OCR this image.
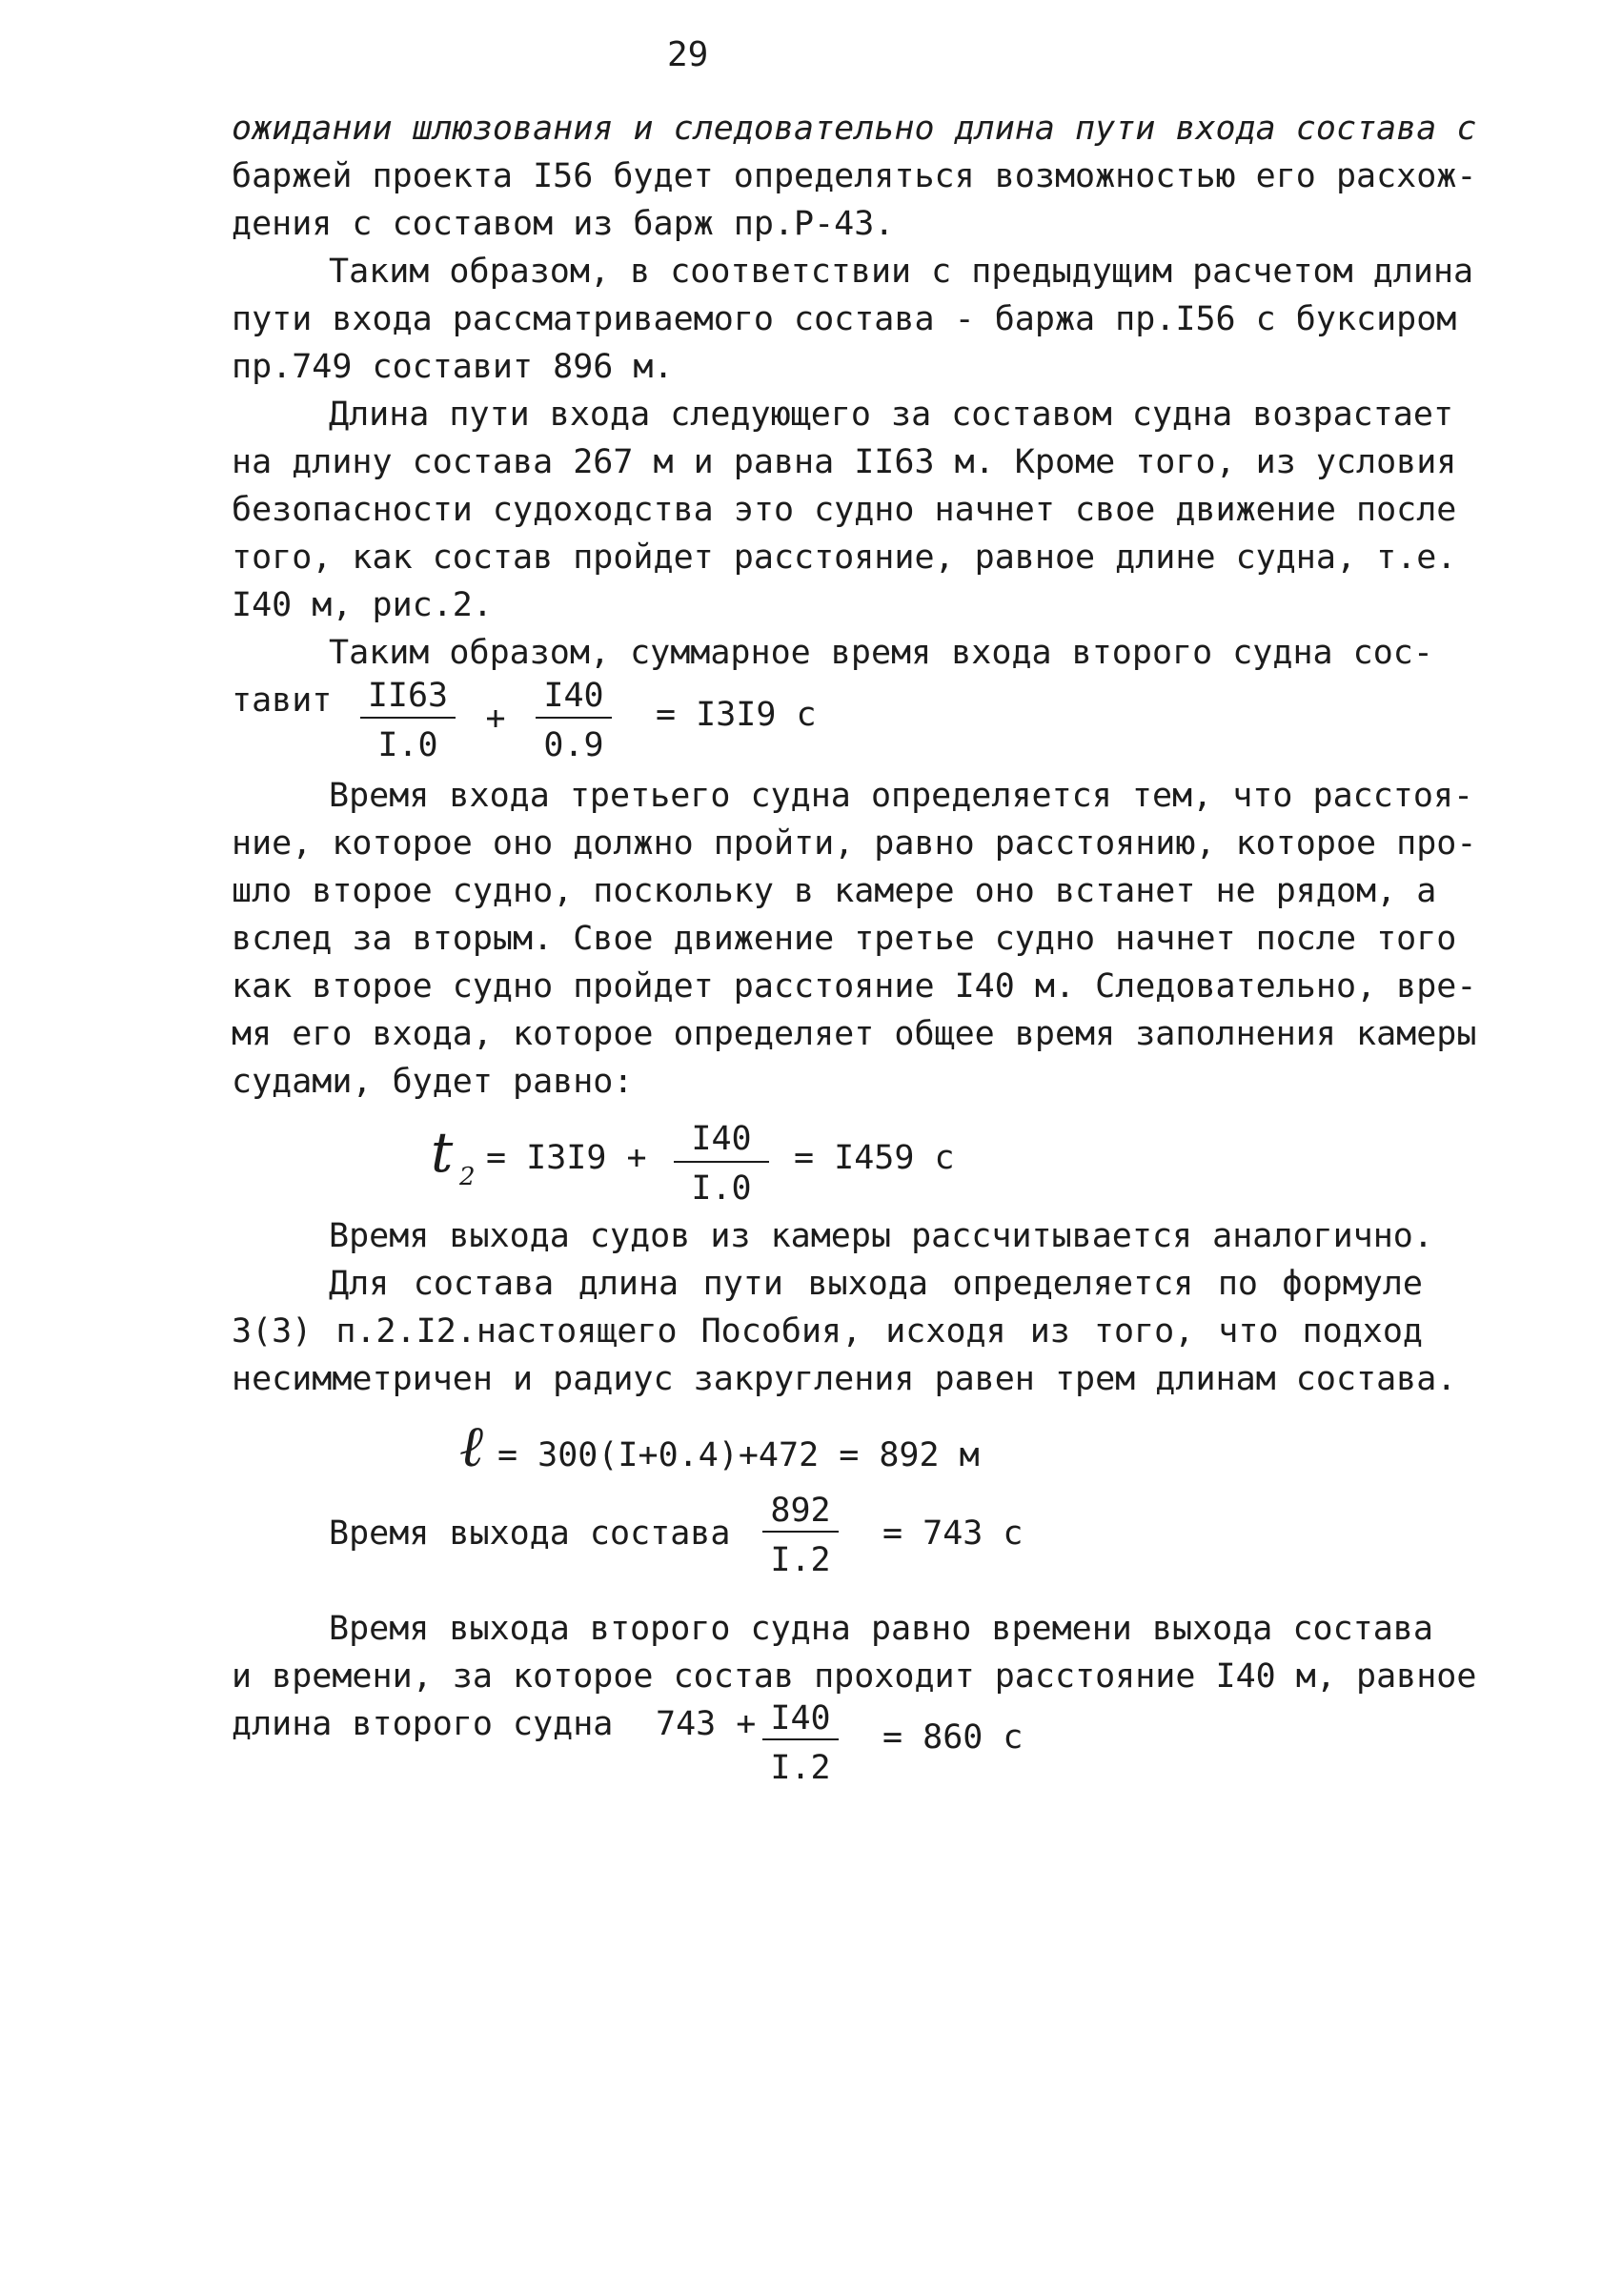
29
ожидании шлюзования и следовательно длина пути входа состава с
баржей проекта I56 будет определяться возможностью его расхож-
дения с составом из барж пр.Р-43.
Таким образом, в соответствии с предыдущим расчетом длина
пути входа рассматриваемого состава - баржа пр.I56 с буксиром
пр.749 составит 896 м.
Длина пути входа следующего за составом судна возрастает
на длину состава 267 м и равна II63 м. Кроме того, из условия
безопасности судоходства это судно начнет свое движение после
того, как состав пройдет расстояние, равное длине судна, т.е.
I40 м, рис.2.
Таким образом, суммарное время входа второго судна сос-
тавит II63
I.0
+
I40
0.9
= I3I9 с
Время входа третьего судна определяется тем, что расстоя-
ние, которое оно должно пройти, равно расстоянию, которое про-
шло второе судно, поскольку в камере оно встанет не рядом, а
вслед за вторым. Свое движение третье судно начнет после того
как второе судно пройдет расстояние I40 м. Следовательно, вре-
мя его входа, которое определяет общее время заполнения камеры
судами, будет равно:
t 2 = I3I9 +	I40
I.0
= I459 с
Время выхода судов из камеры рассчитывается аналогично.
Для состава длина пути выхода определяется по формуле
3(3) п.2.I2.настоящего Пособия, исходя из того, что подход
несимметричен и радиус закругления равен трем длинам состава.
ℓ = 300(I+0.4)+472 = 892 м
Время выхода состава
892
I.2
= 743 с
Время выхода второго судна равно времени выхода состава
и времени, за которое состав проходит расстояние I40 м, равное
длина второго судна 743 + I40
I.2
= 860 с
